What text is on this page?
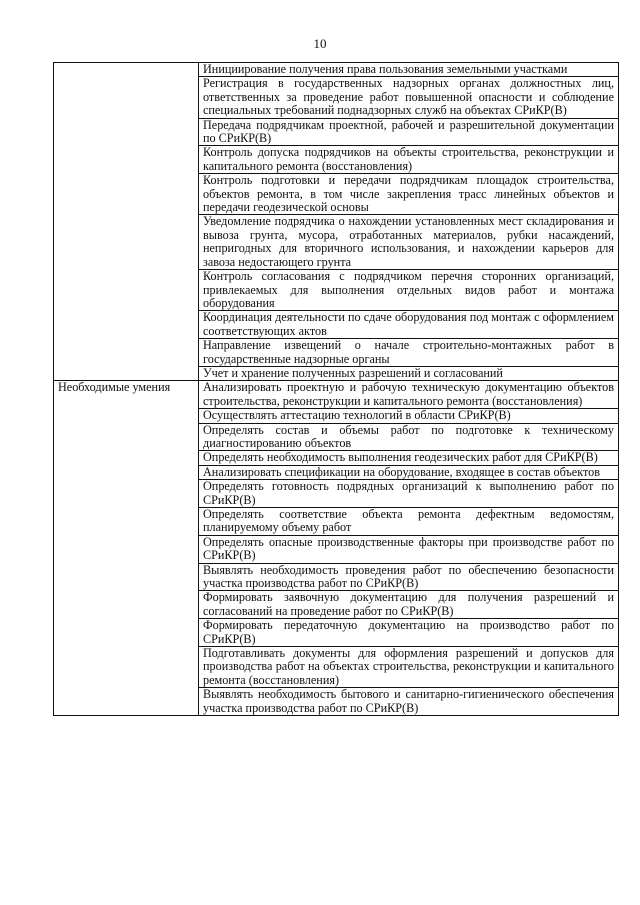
10
	Инициирование получения права пользования земельными участками
	Регистрация в государственных надзорных органах должностных лиц, ответственных за проведение работ повышенной опасности и соблюдение специальных требований поднадзорных служб на объектах СРиКР(В)
	Передача подрядчикам проектной, рабочей и разрешительной документации по СРиКР(В)
	Контроль допуска подрядчиков на объекты строительства, реконструкции и капитального ремонта (восстановления)
	Контроль подготовки и передачи подрядчикам площадок строительства, объектов ремонта, в том числе закрепления трасс линейных объектов и передачи геодезической основы
	Уведомление подрядчика о нахождении установленных мест складирования и вывоза грунта, мусора, отработанных материалов, рубки насаждений, непригодных для вторичного использования, и нахождении карьеров для завоза недостающего грунта
	Контроль согласования с подрядчиком перечня сторонних организаций, привлекаемых для выполнения отдельных видов работ и монтажа оборудования
	Координация деятельности по сдаче оборудования под монтаж с оформлением соответствующих актов
	Направление извещений о начале строительно-монтажных работ в государственные надзорные органы
	Учет и хранение полученных разрешений и согласований
Необходимые умения	Анализировать проектную и рабочую техническую документацию объектов строительства, реконструкции и капитального ремонта (восстановления)
	Осуществлять аттестацию технологий в области СРиКР(В)
	Определять состав и объемы работ по подготовке к техническому диагностированию объектов
	Определять необходимость выполнения геодезических работ для СРиКР(В)
	Анализировать спецификации на оборудование, входящее в состав объектов
	Определять готовность подрядных организаций к выполнению работ по СРиКР(В)
	Определять соответствие объекта ремонта дефектным ведомостям, планируемому объему работ
	Определять опасные производственные факторы при производстве работ по СРиКР(В)
	Выявлять необходимость проведения работ по обеспечению безопасности участка производства работ по СРиКР(В)
	Формировать заявочную документацию для получения разрешений и согласований на проведение работ по СРиКР(В)
	Формировать передаточную документацию на производство работ по СРиКР(В)
	Подготавливать документы для оформления разрешений и допусков для производства работ на объектах строительства, реконструкции и капитального ремонта (восстановления)
	Выявлять необходимость бытового и санитарно-гигиенического обеспечения участка производства работ по СРиКР(В)
